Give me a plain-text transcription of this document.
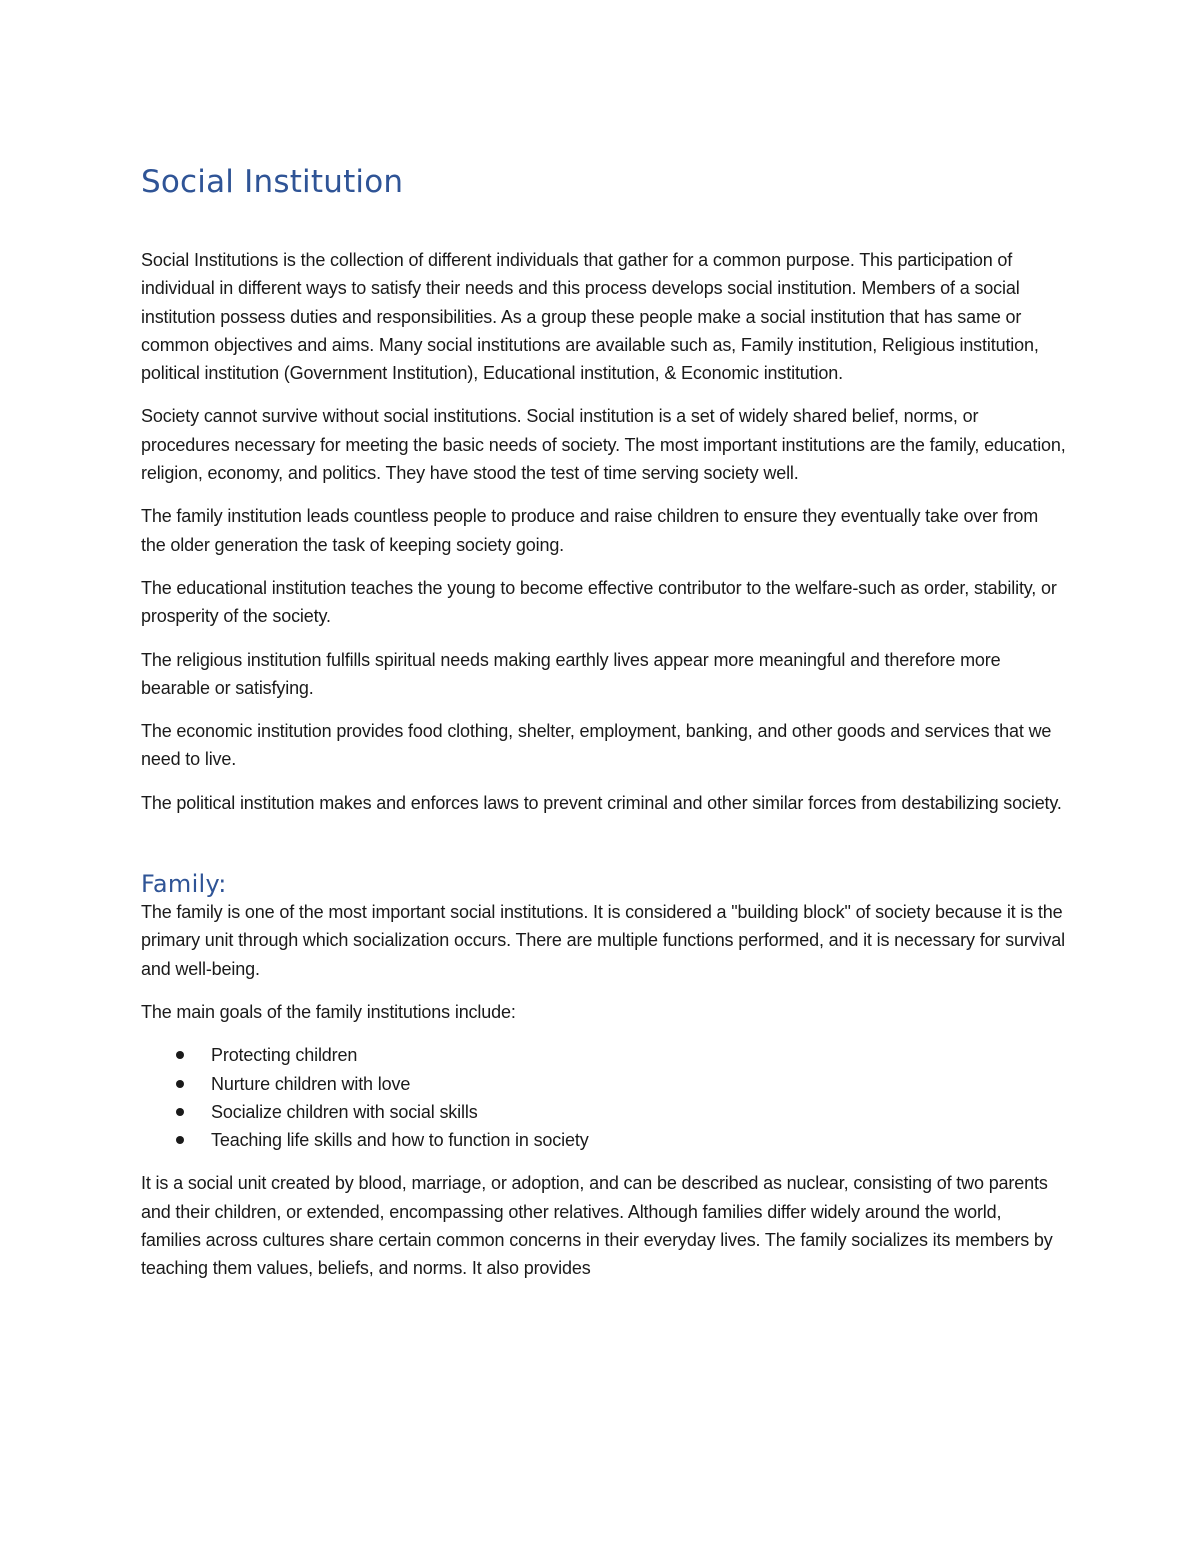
Social Institution

Social Institutions is the collection of different individuals that gather for a common purpose. This participation of individual in different ways to satisfy their needs and this process develops social institution. Members of a social institution possess duties and responsibilities. As a group these people make a social institution that has same or common objectives and aims. Many social institutions are available such as, Family institution, Religious institution, political institution (Government Institution), Educational institution, & Economic institution.

Society cannot survive without social institutions. Social institution is a set of widely shared belief, norms, or procedures necessary for meeting the basic needs of society. The most important institutions are the family, education, religion, economy, and politics. They have stood the test of time serving society well.

The family institution leads countless people to produce and raise children to ensure they eventually take over from the older generation the task of keeping society going.

The educational institution teaches the young to become effective contributor to the welfare-such as order, stability, or prosperity of the society.

The religious institution fulfills spiritual needs making earthly lives appear more meaningful and therefore more bearable or satisfying.

The economic institution provides food clothing, shelter, employment, banking, and other goods and services that we need to live.

The political institution makes and enforces laws to prevent criminal and other similar forces from destabilizing society.

Family:

The family is one of the most important social institutions. It is considered a "building block" of society because it is the primary unit through which socialization occurs. There are multiple functions performed, and it is necessary for survival and well-being.

The main goals of the family institutions include:

Protecting children
Nurture children with love
Socialize children with social skills
Teaching life skills and how to function in society

It is a social unit created by blood, marriage, or adoption, and can be described as nuclear, consisting of two parents and their children, or extended, encompassing other relatives. Although families differ widely around the world, families across cultures share certain common concerns in their everyday lives. The family socializes its members by teaching them values, beliefs, and norms. It also provides
